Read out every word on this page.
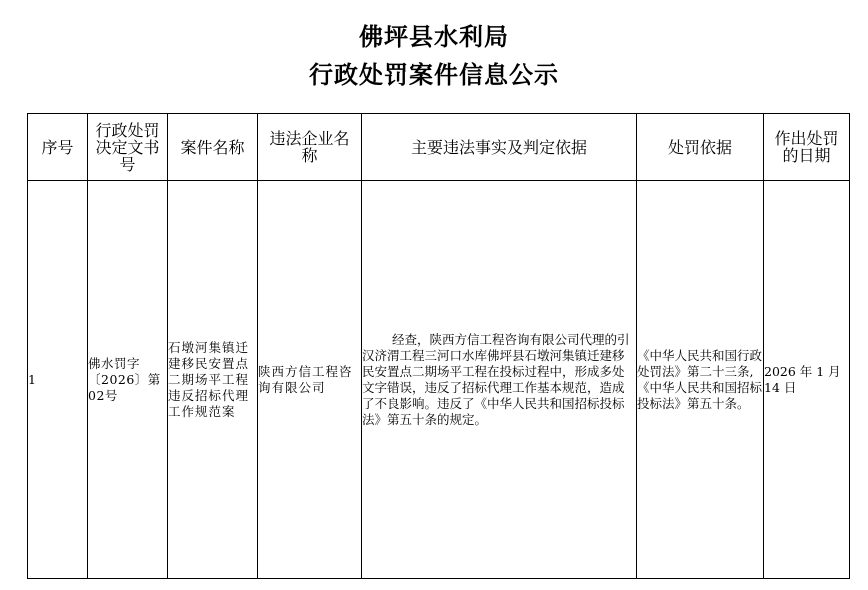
佛坪县水利局
行政处罚案件信息公示
序号	行政处罚决定文书号	案件名称	违法企业名称	主要违法事实及判定依据	处罚依据	作出处罚的日期
1	佛水罚字〔2026〕第02号	石墩河集镇迁建移民安置点二期场平工程违反招标代理工作规范案	陕西方信工程咨询有限公司	经查，陕西方信工程咨询有限公司代理的引汉济渭工程三河口水库佛坪县石墩河集镇迁建移民安置点二期场平工程在投标过程中，形成多处文字错误，违反了招标代理工作基本规范，造成了不良影响。违反了《中华人民共和国招标投标法》第五十条的规定。	《中华人民共和国行政处罚法》第二十三条,《中华人民共和国招标投标法》第五十条。	2026 年 1 月 14 日
